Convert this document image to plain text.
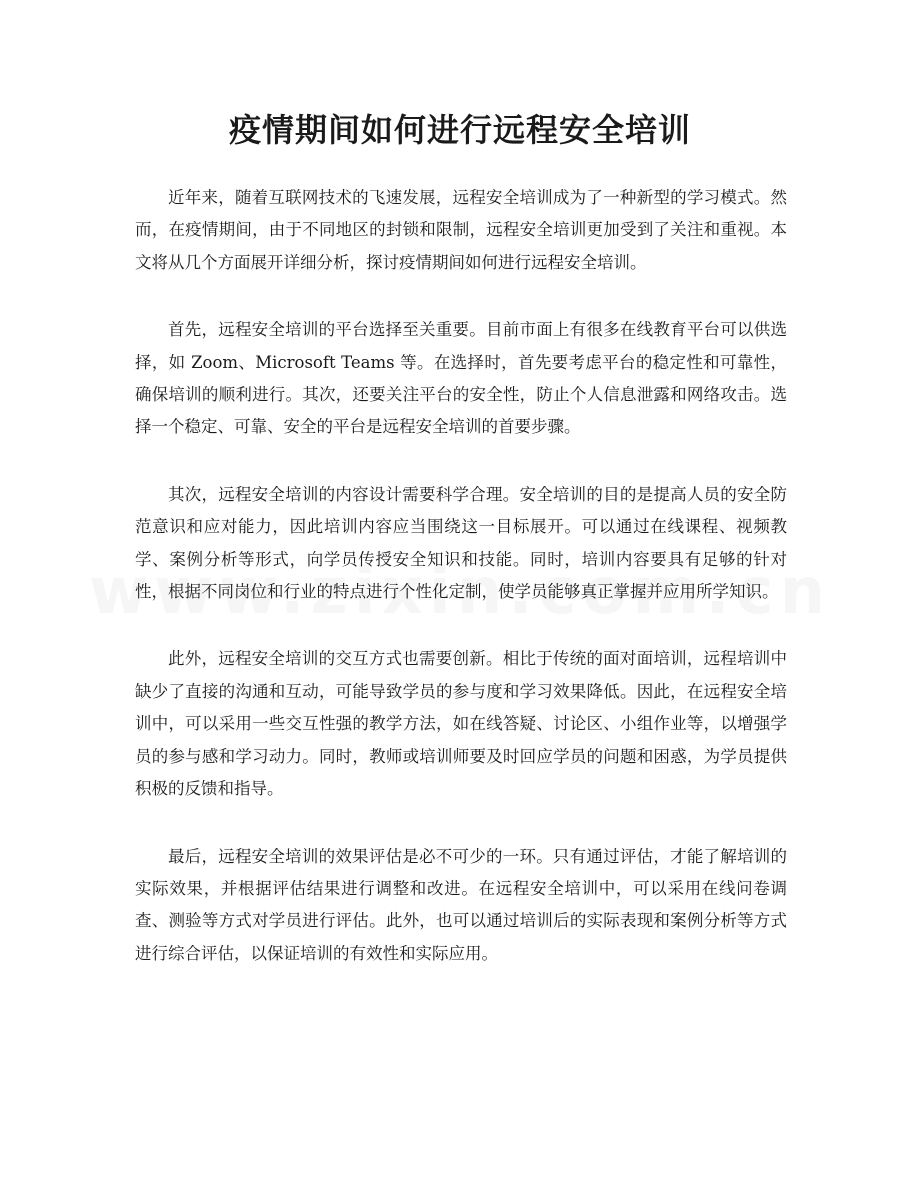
疫情期间如何进行远程安全培训

近年来，随着互联网技术的飞速发展，远程安全培训成为了一种新型的学习模式。然而，在疫情期间，由于不同地区的封锁和限制，远程安全培训更加受到了关注和重视。本文将从几个方面展开详细分析，探讨疫情期间如何进行远程安全培训。

首先，远程安全培训的平台选择至关重要。目前市面上有很多在线教育平台可以供选择，如 Zoom、Microsoft Teams 等。在选择时，首先要考虑平台的稳定性和可靠性，确保培训的顺利进行。其次，还要关注平台的安全性，防止个人信息泄露和网络攻击。选择一个稳定、可靠、安全的平台是远程安全培训的首要步骤。

其次，远程安全培训的内容设计需要科学合理。安全培训的目的是提高人员的安全防范意识和应对能力，因此培训内容应当围绕这一目标展开。可以通过在线课程、视频教学、案例分析等形式，向学员传授安全知识和技能。同时，培训内容要具有足够的针对性，根据不同岗位和行业的特点进行个性化定制，使学员能够真正掌握并应用所学知识。

此外，远程安全培训的交互方式也需要创新。相比于传统的面对面培训，远程培训中缺少了直接的沟通和互动，可能导致学员的参与度和学习效果降低。因此，在远程安全培训中，可以采用一些交互性强的教学方法，如在线答疑、讨论区、小组作业等，以增强学员的参与感和学习动力。同时，教师或培训师要及时回应学员的问题和困惑，为学员提供积极的反馈和指导。

最后，远程安全培训的效果评估是必不可少的一环。只有通过评估，才能了解培训的实际效果，并根据评估结果进行调整和改进。在远程安全培训中，可以采用在线问卷调查、测验等方式对学员进行评估。此外，也可以通过培训后的实际表现和案例分析等方式进行综合评估，以保证培训的有效性和实际应用。
